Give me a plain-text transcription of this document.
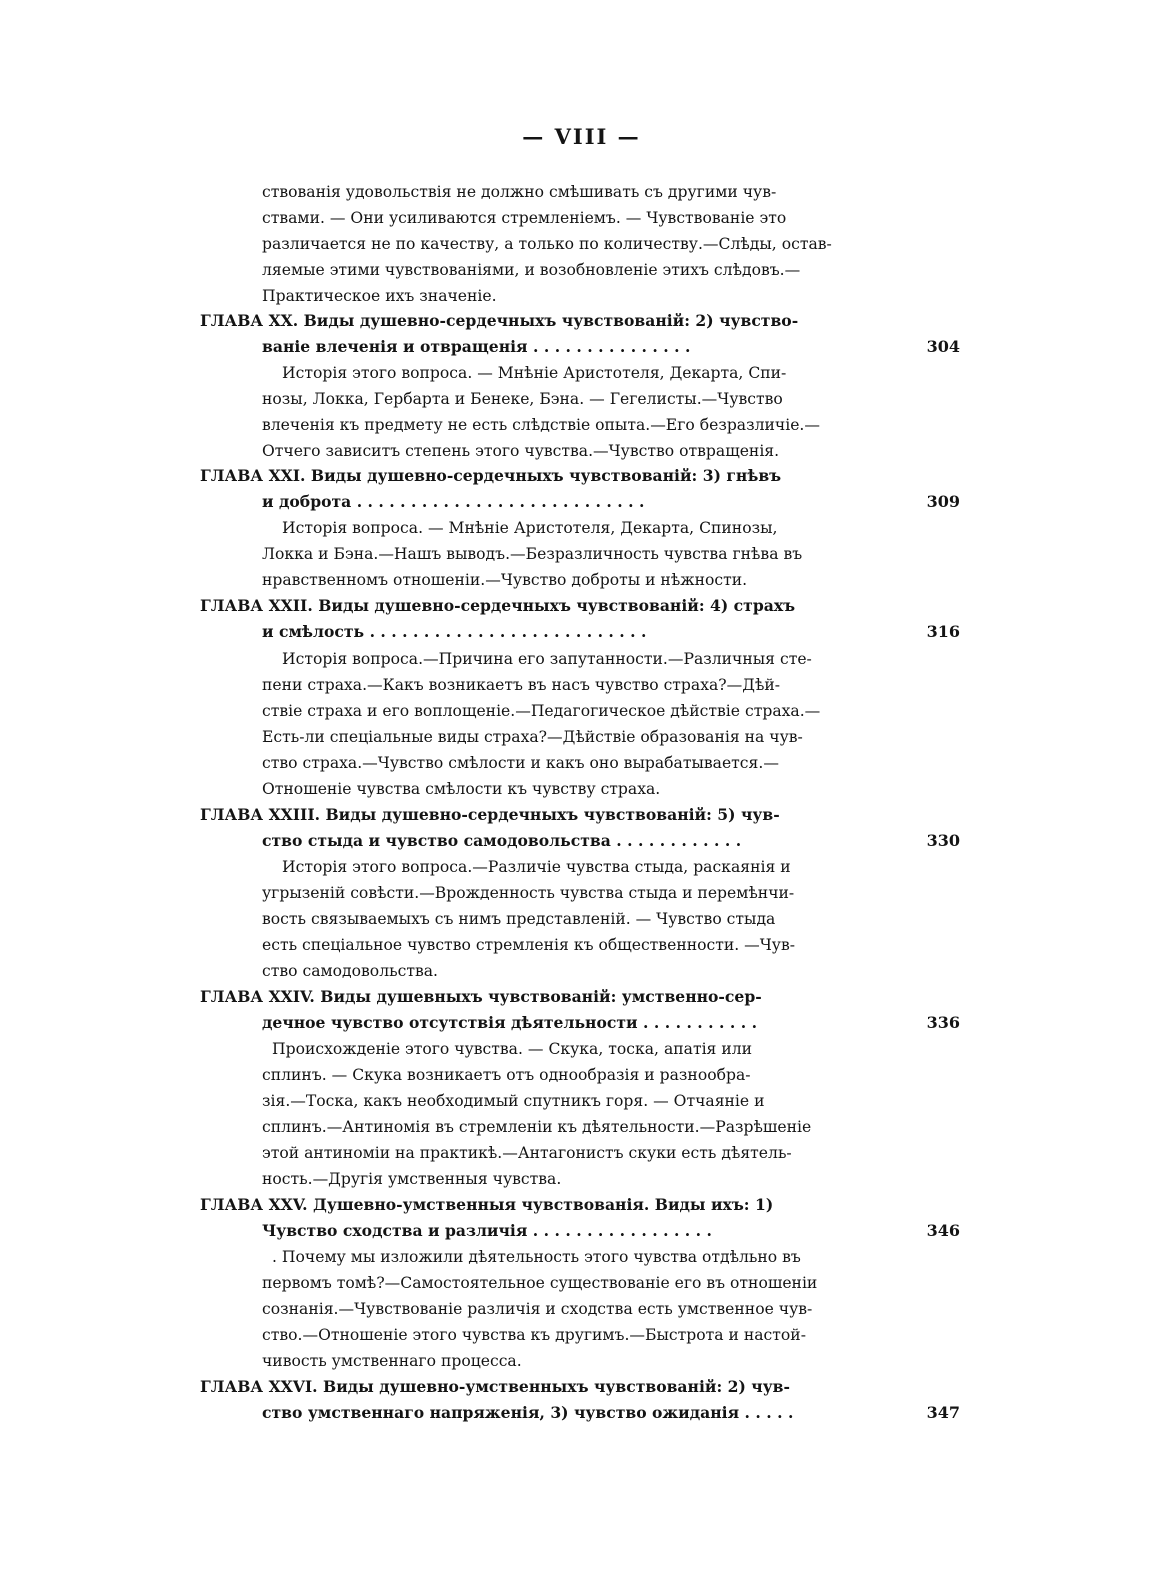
— VIII —
ствованія удовольствія не должно смѣшивать съ другими чув-
ствами. — Они усиливаются стремленіемъ. — Чувствованіе это
различается не по качеству, а только по количеству.—Слѣды, остав-
ляемые этими чувствованіями, и возобновленіе этихъ слѣдовъ.—
Практическое ихъ значеніе.
ГЛАВА XX. Виды душевно-сердечныхъ чувствованій: 2) чувство-
ваніе влеченія и отвращенія . . . . . . . . . . . . . . .	304
Исторія этого вопроса. — Мнѣніе Аристотеля, Декарта, Спи-
нозы, Локка, Гербарта и Бенеке, Бэна. — Гегелисты.—Чувство
влеченія къ предмету не есть слѣдствіе опыта.—Его безразличіе.—
Отчего зависитъ степень этого чувства.—Чувство отвращенія.
ГЛАВА XXI. Виды душевно-сердечныхъ чувствованій: 3) гнѣвъ
и доброта . . . . . . . . . . . . . . . . . . . . . . . . . . .	309
Исторія вопроса. — Мнѣніе Аристотеля, Декарта, Спинозы,
Локка и Бэна.—Нашъ выводъ.—Безразличность чувства гнѣва въ
нравственномъ отношеніи.—Чувство доброты и нѣжности.
ГЛАВА XXII. Виды душевно-сердечныхъ чувствованій: 4) страхъ
и смѣлость . . . . . . . . . . . . . . . . . . . . . . . . . .	316
Исторія вопроса.—Причина его запутанности.—Различныя сте-
пени страха.—Какъ возникаетъ въ насъ чувство страха?—Дѣй-
ствіе страха и его воплощеніе.—Педагогическое дѣйствіе страха.—
Есть-ли спеціальные виды страха?—Дѣйствіе образованія на чув-
ство страха.—Чувство смѣлости и какъ оно вырабатывается.—
Отношеніе чувства смѣлости къ чувству страха.
ГЛАВА XXIII. Виды душевно-сердечныхъ чувствованій: 5) чув-
ство стыда и чувство самодовольства . . . . . . . . . . . .	330
Исторія этого вопроса.—Различіе чувства стыда, раскаянія и
угрызеній совѣсти.—Врожденность чувства стыда и перемѣнчи-
вость связываемыхъ съ нимъ представленій. — Чувство стыда
есть спеціальное чувство стремленія къ общественности. —Чув-
ство самодовольства.
ГЛАВА XXIV. Виды душевныхъ чувствованій: умственно-сер-
дечное чувство отсутствія дѣятельности . . . . . . . . . . .	336
Происхожденіе этого чувства. — Скука, тоска, апатія или
сплинъ. — Скука возникаетъ отъ однообразія и разнообра-
зія.—Тоска, какъ необходимый спутникъ горя. — Отчаяніе и
сплинъ.—Антиномія въ стремленіи къ дѣятельности.—Разрѣшеніе
этой антиноміи на практикѣ.—Антагонистъ скуки есть дѣятель-
ность.—Другія умственныя чувства.
ГЛАВА XXV. Душевно-умственныя чувствованія. Виды ихъ: 1)
Чувство сходства и различія . . . . . . . . . . . . . . . . .	346
. Почему мы изложили дѣятельность этого чувства отдѣльно въ
первомъ томѣ?—Самостоятельное существованіе его въ отношеніи
сознанія.—Чувствованіе различія и сходства есть умственное чув-
ство.—Отношеніе этого чувства къ другимъ.—Быстрота и настой-
чивость умственнаго процесса.
ГЛАВА XXVI. Виды душевно-умственныхъ чувствованій: 2) чув-
ство умственнаго напряженія, 3) чувство ожиданія . . . . .	347
